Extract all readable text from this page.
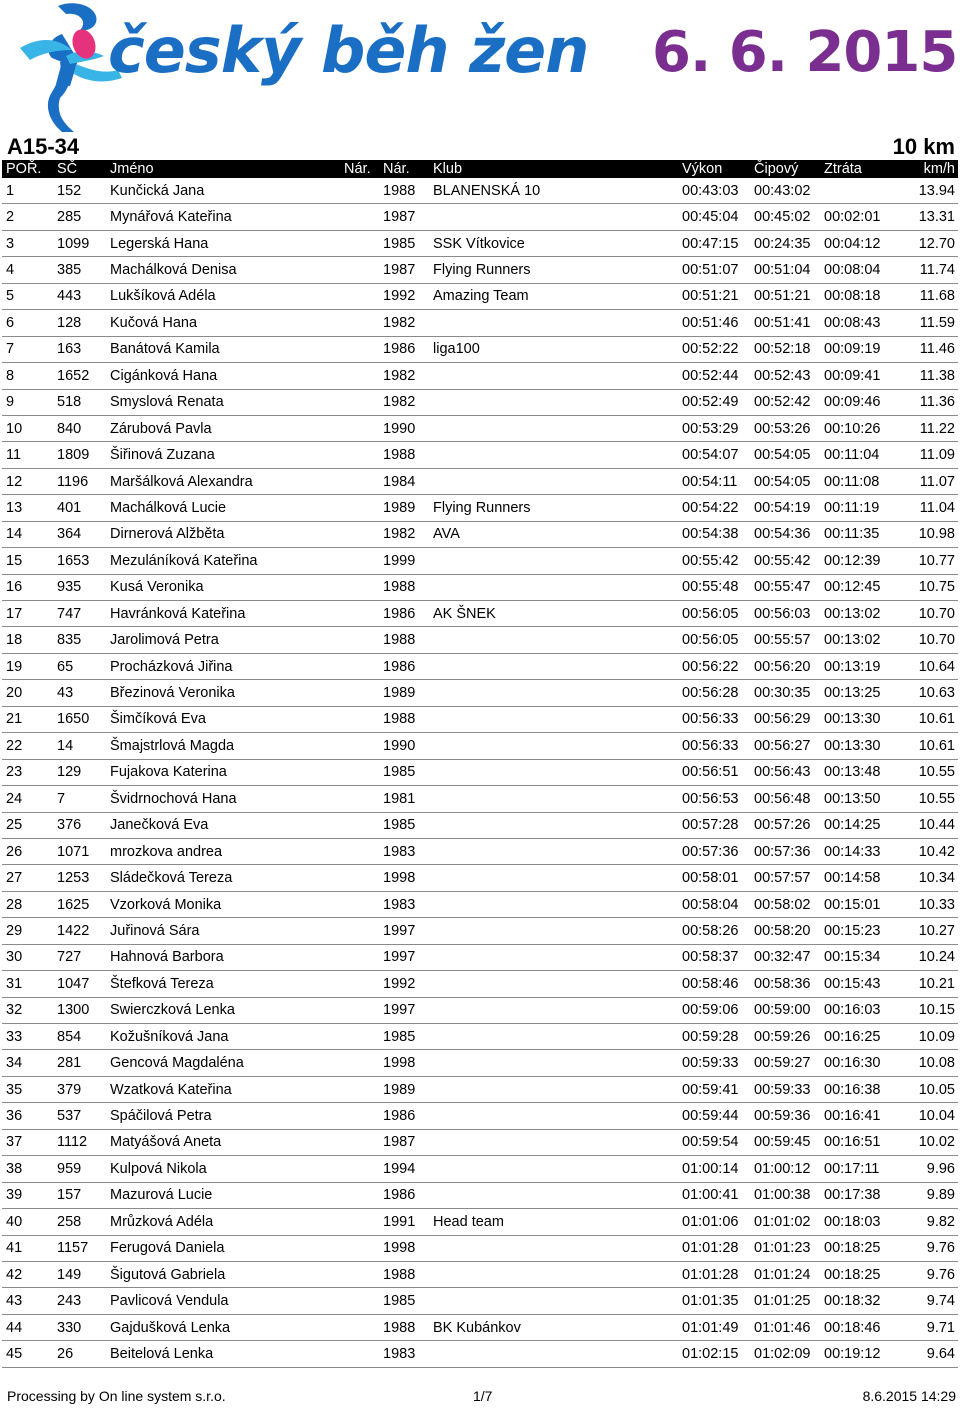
český běh žen 6. 6. 2015
A15-34	10 km
POŘ.	SČ	Jméno	Nár.	Nár.	Klub	Výkon	Čipový	Ztráta	km/h
1	152	Kunčická Jana		1988	BLANENSKÁ 10	00:43:03	00:43:02		13.94
2	285	Mynářová Kateřina		1987		00:45:04	00:45:02	00:02:01	13.31
3	1099	Legerská Hana		1985	SSK Vítkovice	00:47:15	00:24:35	00:04:12	12.70
4	385	Machálková Denisa		1987	Flying Runners	00:51:07	00:51:04	00:08:04	11.74
5	443	Lukšíková Adéla		1992	Amazing Team	00:51:21	00:51:21	00:08:18	11.68
6	128	Kučová Hana		1982		00:51:46	00:51:41	00:08:43	11.59
7	163	Banátová Kamila		1986	liga100	00:52:22	00:52:18	00:09:19	11.46
8	1652	Cigánková Hana		1982		00:52:44	00:52:43	00:09:41	11.38
9	518	Smyslová Renata		1982		00:52:49	00:52:42	00:09:46	11.36
10	840	Zárubová Pavla		1990		00:53:29	00:53:26	00:10:26	11.22
11	1809	Šiřinová Zuzana		1988		00:54:07	00:54:05	00:11:04	11.09
12	1196	Maršálková Alexandra		1984		00:54:11	00:54:05	00:11:08	11.07
13	401	Machálková Lucie		1989	Flying Runners	00:54:22	00:54:19	00:11:19	11.04
14	364	Dirnerová Alžběta		1982	AVA	00:54:38	00:54:36	00:11:35	10.98
15	1653	Mezuláníková Kateřina		1999		00:55:42	00:55:42	00:12:39	10.77
16	935	Kusá Veronika		1988		00:55:48	00:55:47	00:12:45	10.75
17	747	Havránková Kateřina		1986	AK ŠNEK	00:56:05	00:56:03	00:13:02	10.70
18	835	Jarolimová Petra		1988		00:56:05	00:55:57	00:13:02	10.70
19	65	Procházková Jiřina		1986		00:56:22	00:56:20	00:13:19	10.64
20	43	Březinová Veronika		1989		00:56:28	00:30:35	00:13:25	10.63
21	1650	Šimčíková Eva		1988		00:56:33	00:56:29	00:13:30	10.61
22	14	Šmajstrlová Magda		1990		00:56:33	00:56:27	00:13:30	10.61
23	129	Fujakova Katerina		1985		00:56:51	00:56:43	00:13:48	10.55
24	7	Švidrnochová Hana		1981		00:56:53	00:56:48	00:13:50	10.55
25	376	Janečková Eva		1985		00:57:28	00:57:26	00:14:25	10.44
26	1071	mrozkova andrea		1983		00:57:36	00:57:36	00:14:33	10.42
27	1253	Sládečková Tereza		1998		00:58:01	00:57:57	00:14:58	10.34
28	1625	Vzorková Monika		1983		00:58:04	00:58:02	00:15:01	10.33
29	1422	Juřinová Sára		1997		00:58:26	00:58:20	00:15:23	10.27
30	727	Hahnová Barbora		1997		00:58:37	00:32:47	00:15:34	10.24
31	1047	Štefková Tereza		1992		00:58:46	00:58:36	00:15:43	10.21
32	1300	Swierczková Lenka		1997		00:59:06	00:59:00	00:16:03	10.15
33	854	Kožušníková Jana		1985		00:59:28	00:59:26	00:16:25	10.09
34	281	Gencová Magdaléna		1998		00:59:33	00:59:27	00:16:30	10.08
35	379	Wzatková Kateřina		1989		00:59:41	00:59:33	00:16:38	10.05
36	537	Spáčilová Petra		1986		00:59:44	00:59:36	00:16:41	10.04
37	1112	Matyášová Aneta		1987		00:59:54	00:59:45	00:16:51	10.02
38	959	Kulpová Nikola		1994		01:00:14	01:00:12	00:17:11	9.96
39	157	Mazurová Lucie		1986		01:00:41	01:00:38	00:17:38	9.89
40	258	Mrůzková Adéla		1991	Head team	01:01:06	01:01:02	00:18:03	9.82
41	1157	Ferugová Daniela		1998		01:01:28	01:01:23	00:18:25	9.76
42	149	Šigutová Gabriela		1988		01:01:28	01:01:24	00:18:25	9.76
43	243	Pavlicová Vendula		1985		01:01:35	01:01:25	00:18:32	9.74
44	330	Gajdušková Lenka		1988	BK Kubánkov	01:01:49	01:01:46	00:18:46	9.71
45	26	Beitelová Lenka		1983		01:02:15	01:02:09	00:19:12	9.64
Processing by On line system s.r.o.	1/7	8.6.2015 14:29
